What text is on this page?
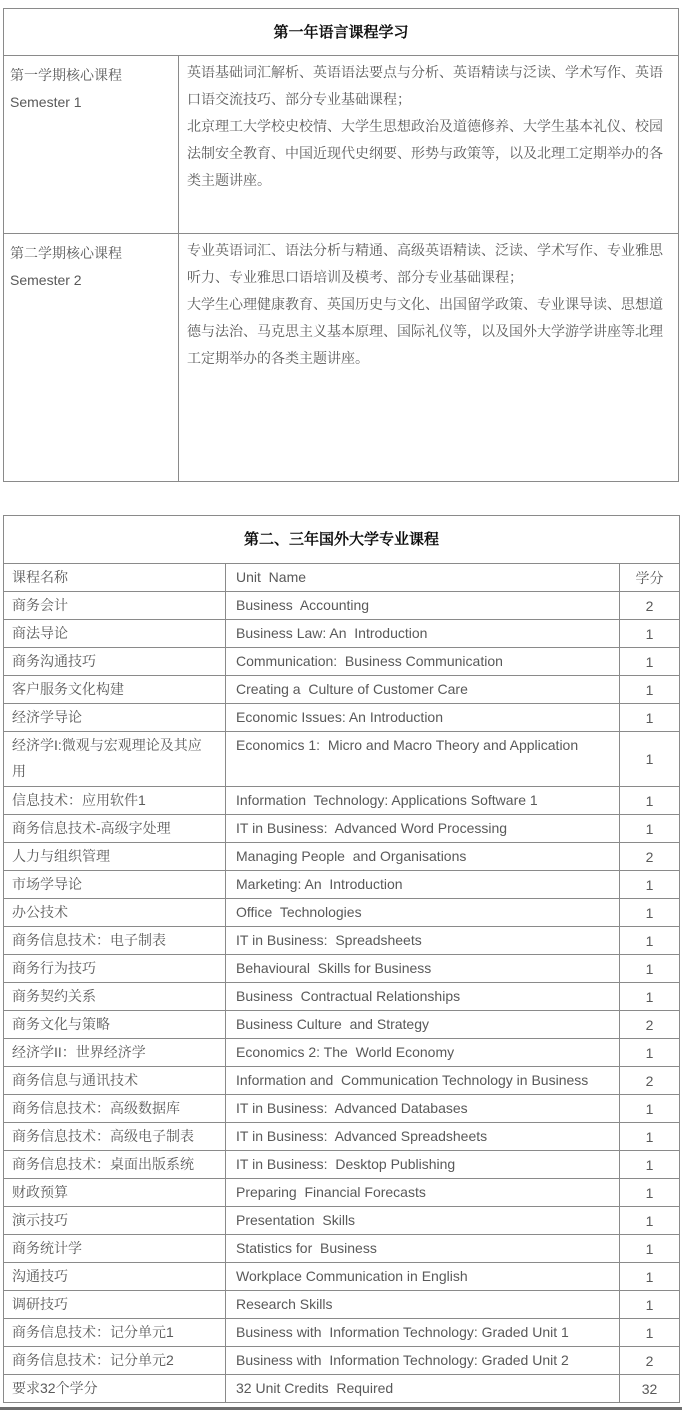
第一年语言课程学习	

第一学期核心课程
Semester 1

英语基础词汇解析、英语语法要点与分析、英语精读与泛读、学术写作、英语口语交流技巧、部分专业基础课程；

北京理工大学校史校情、大学生思想政治及道德修养、大学生基本礼仪、校园法制安全教育、中国近现代史纲要、形势与政策等，以及北理工定期举办的各类主题讲座。

第二学期核心课程
Semester 2

专业英语词汇、语法分析与精通、高级英语精读、泛读、学术写作、专业雅思听力、专业雅思口语培训及模考、部分专业基础课程；

大学生心理健康教育、英国历史与文化、出国留学政策、专业课导读、思想道德与法治、马克思主义基本原理、国际礼仪等，以及国外大学游学讲座等北理工定期举办的各类主题讲座。

第二、三年国外大学专业课程		
课程名称	Unit  Name	学分
商务会计	Business  Accounting	2
商法导论	Business Law: An  Introduction	1
商务沟通技巧	Communication:  Business Communication	1
客户服务文化构建	Creating a  Culture of Customer Care	1
经济学导论	Economic Issues: An Introduction	1
经济学I:微观与宏观理论及其应用	Economics 1:  Micro and Macro Theory and Application	1
信息技术：应用软件1	Information  Technology: Applications Software 1	1
商务信息技术-高级字处理	IT in Business:  Advanced Word Processing	1
人力与组织管理	Managing People  and Organisations	2
市场学导论	Marketing: An  Introduction	1
办公技术	Office  Technologies	1
商务信息技术：电子制表	IT in Business:  Spreadsheets	1
商务行为技巧	Behavioural  Skills for Business	1
商务契约关系	Business  Contractual Relationships	1
商务文化与策略	Business Culture  and Strategy	2
经济学II：世界经济学	Economics 2: The  World Economy	1
商务信息与通讯技术	Information and  Communication Technology in Business	2
商务信息技术：高级数据库	IT in Business:  Advanced Databases	1
商务信息技术：高级电子制表	IT in Business:  Advanced Spreadsheets	1
商务信息技术：桌面出版系统	IT in Business:  Desktop Publishing	1
财政预算	Preparing  Financial Forecasts	1
演示技巧	Presentation  Skills	1
商务统计学	Statistics for  Business	1
沟通技巧	Workplace Communication in English	1
调研技巧	Research Skills	1
商务信息技术：记分单元1	Business with  Information Technology: Graded Unit 1	1
商务信息技术：记分单元2	Business with  Information Technology: Graded Unit 2	2
要求32个学分	32 Unit Credits  Required	32
